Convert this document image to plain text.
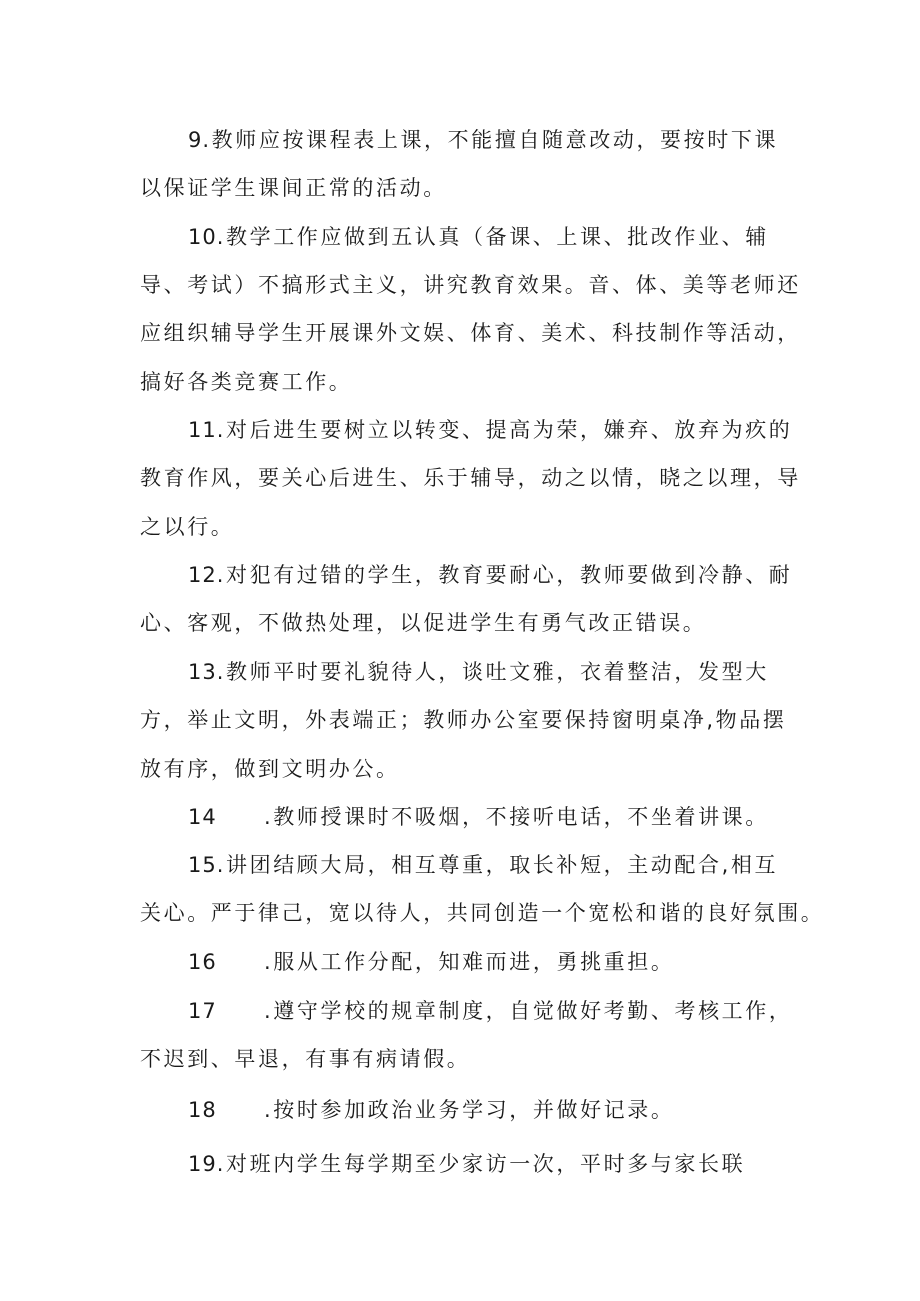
9.教师应按课程表上课，不能擅自随意改动，要按时下课
以保证学生课间正常的活动。
10.教学工作应做到五认真（备课、上课、批改作业、辅
导、考试）不搞形式主义，讲究教育效果。音、体、美等老师还
应组织辅导学生开展课外文娱、体育、美术、科技制作等活动，
搞好各类竞赛工作。
11.对后进生要树立以转变、提高为荣，嫌弃、放弃为疚的
教育作风，要关心后进生、乐于辅导，动之以情，晓之以理，导
之以行。
12.对犯有过错的学生，教育要耐心，教师要做到冷静、耐
心、客观，不做热处理，以促进学生有勇气改正错误。
13.教师平时要礼貌待人，谈吐文雅，衣着整洁，发型大
方，举止文明，外表端正；教师办公室要保持窗明桌净,物品摆
放有序，做到文明办公。
14 .教师授课时不吸烟，不接听电话，不坐着讲课。
15.讲团结顾大局，相互尊重，取长补短，主动配合,相互
关心。严于律己，宽以待人，共同创造一个宽松和谐的良好氛围。
16 .服从工作分配，知难而进，勇挑重担。
17 .遵守学校的规章制度，自觉做好考勤、考核工作，
不迟到、早退，有事有病请假。
18 .按时参加政治业务学习，并做好记录。
19.对班内学生每学期至少家访一次，平时多与家长联
